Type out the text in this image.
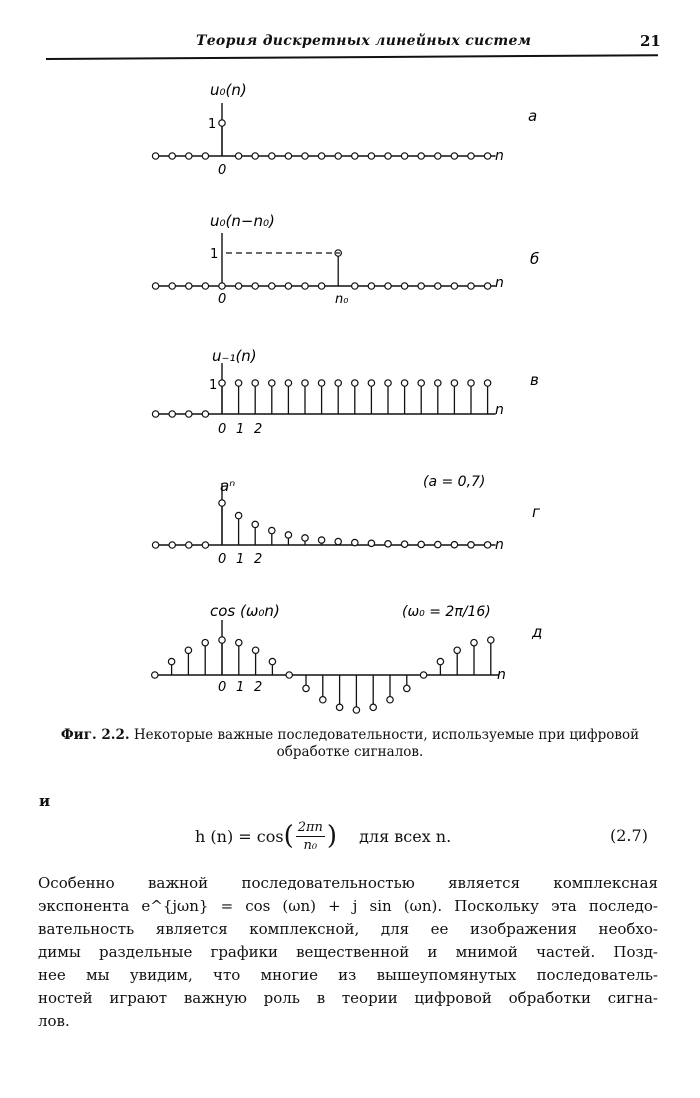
Теория дискретных линейных систем	21
u₀(n)
1
n
0
а
u₀(n−n₀)
1
n
0	n₀
б
u₋₁(n)
1
n
0 1 2
в
aⁿ	(a = 0,7)
n
0 1 2
г
cos (ω₀n)	(ω₀ = 2π/16)
n
0 1 2
д
Фиг. 2.2. Некоторые важные последовательности, используемые при цифровой обработке сигналов.
и
h (n) = cos ( $\frac{2\pi n}{\text{n₀}}$ ) для всех n.	(2.7)
Особенно важной последовательностью является комплексная
экспонента e^{jωn} = cos (ωn) + j sin (ωn). Поскольку эта последо-
вательность является комплексной, для ее изображения необхо-
димы раздельные графики вещественной и мнимой частей. Позд-
нее мы увидим, что многие из вышеупомянутых последователь-
ностей играют важную роль в теории цифровой обработки сигна-
лов.
